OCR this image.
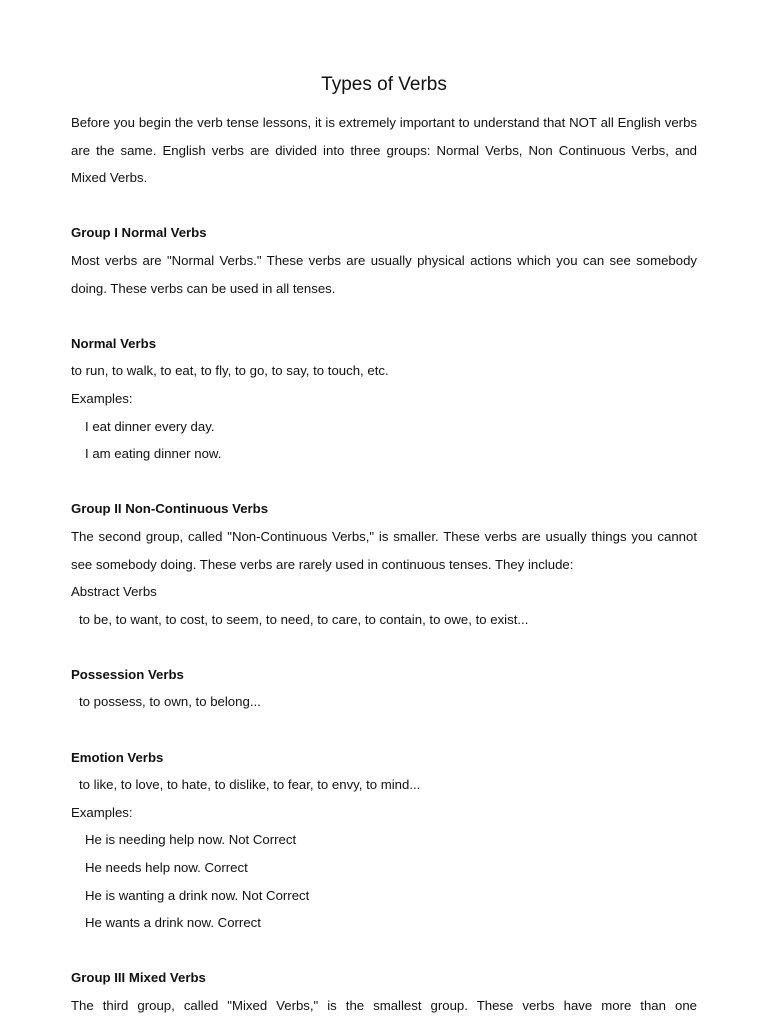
Types of Verbs

Before you begin the verb tense lessons, it is extremely important to understand that NOT all English verbs are the same. English verbs are divided into three groups: Normal Verbs, Non Continuous Verbs, and Mixed Verbs.

Group I Normal Verbs

Most verbs are "Normal Verbs." These verbs are usually physical actions which you can see somebody doing. These verbs can be used in all tenses.

Normal Verbs

to run, to walk, to eat, to fly, to go, to say, to touch, etc.

Examples:

I eat dinner every day.

I am eating dinner now.

Group II Non-Continuous Verbs

The second group, called "Non-Continuous Verbs," is smaller. These verbs are usually things you cannot see somebody doing. These verbs are rarely used in continuous tenses. They include:

Abstract Verbs

to be, to want, to cost, to seem, to need, to care, to contain, to owe, to exist...

Possession Verbs

to possess, to own, to belong...

Emotion Verbs

to like, to love, to hate, to dislike, to fear, to envy, to mind...

Examples:

He is needing help now. Not Correct

He needs help now. Correct

He is wanting a drink now. Not Correct

He wants a drink now. Correct

Group III Mixed Verbs

The third group, called "Mixed Verbs," is the smallest group. These verbs have more than one
